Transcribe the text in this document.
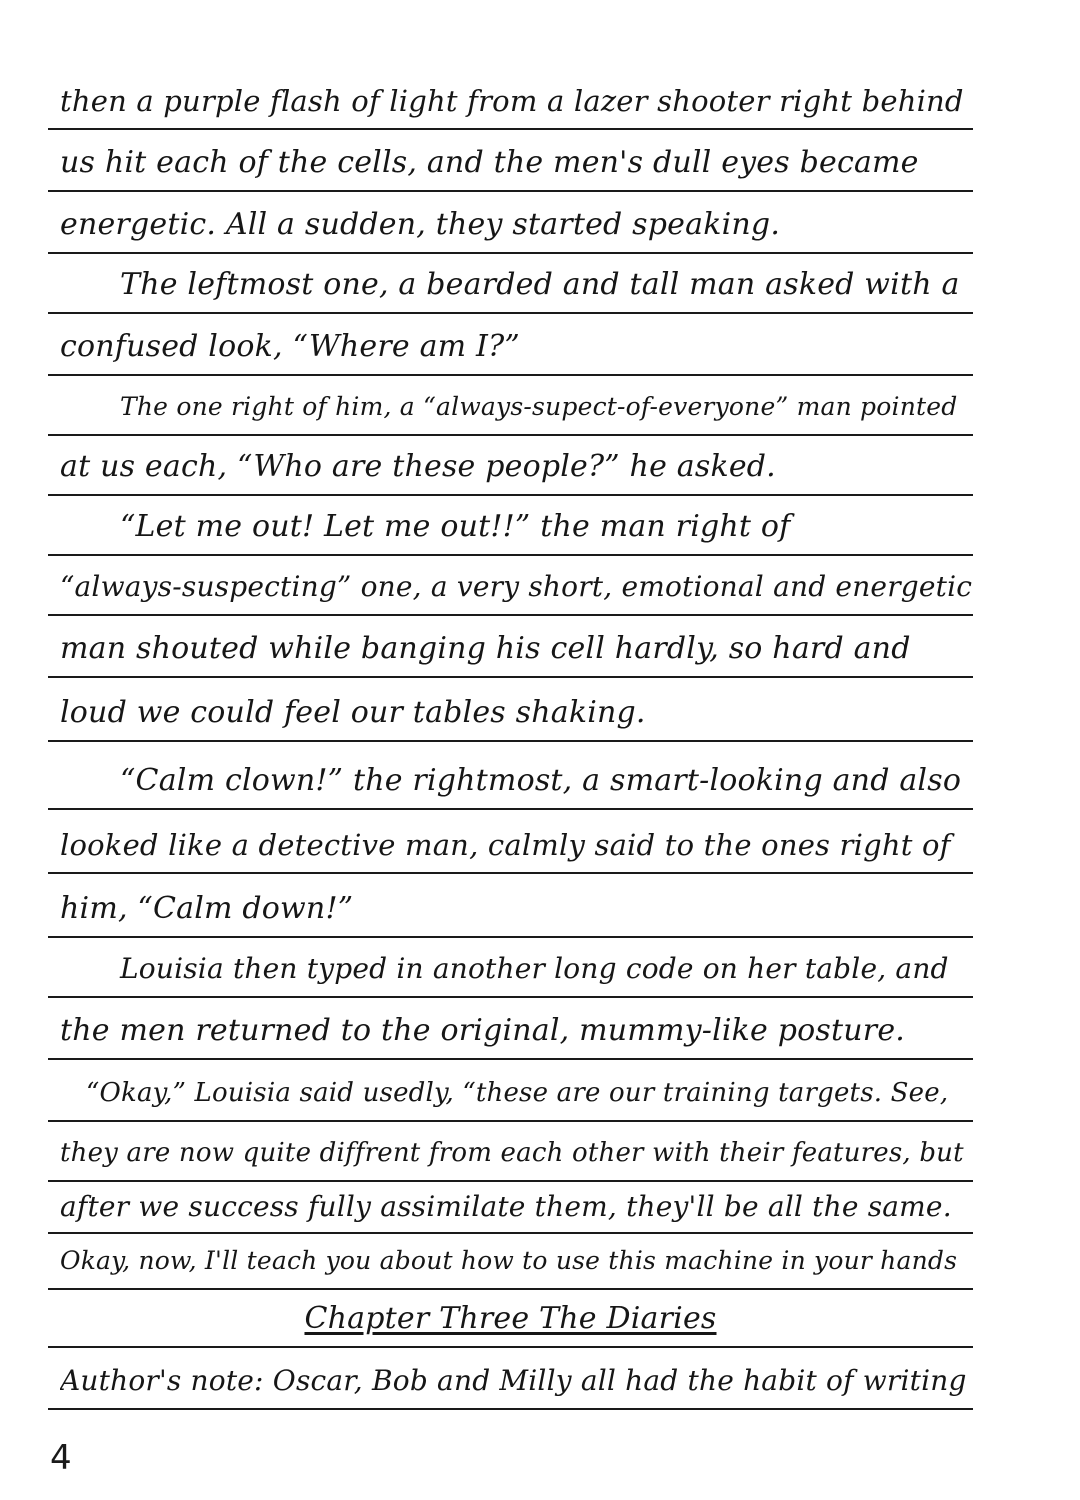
then a purple flash of light from a lazer shooter right behind
us hit each of the cells, and the men's dull eyes became
energetic. All a sudden, they started speaking.
The leftmost one, a bearded and tall man asked with a
confused look, “Where am I?”
The one right of him, a “always-supect-of-everyone” man pointed
at us each, “Who are these people?” he asked.
“Let me out! Let me out!!” the man right of
“always-suspecting” one, a very short, emotional and energetic
man shouted while banging his cell hardly, so hard and
loud we could feel our tables shaking.
“Calm clown!” the rightmost, a smart-looking and also
looked like a detective man, calmly said to the ones right of
him, “Calm down!”
Louisia then typed in another long code on her table, and
the men returned to the original, mummy-like posture.
“Okay,” Louisia said usedly, “these are our training targets. See,
they are now quite diffrent from each other with their features, but
after we success fully assimilate them, they'll be all the same.
Okay, now, I'll teach you about how to use this machine in your hands
Chapter Three The Diaries
Author's note: Oscar, Bob and Milly all had the habit of writing
4
